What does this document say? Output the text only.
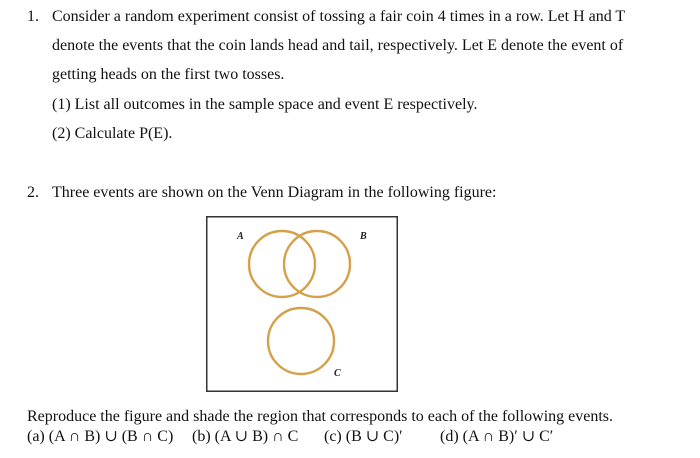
1. Consider a random experiment consist of tossing a fair coin 4 times in a row. Let H and T
denote the events that the coin lands head and tail, respectively. Let E denote the event of
getting heads on the first two tosses.
(1) List all outcomes in the sample space and event E respectively.
(2) Calculate P(E).
2. Three events are shown on the Venn Diagram in the following figure:
A	B
C
Reproduce the figure and shade the region that corresponds to each of the following events.
(a) (A ∩ B) ∪ (B ∩ C) (b) (A ∪ B) ∩ C (c) (B ∪ C)′ (d) (A ∩ B)′ ∪ C′
